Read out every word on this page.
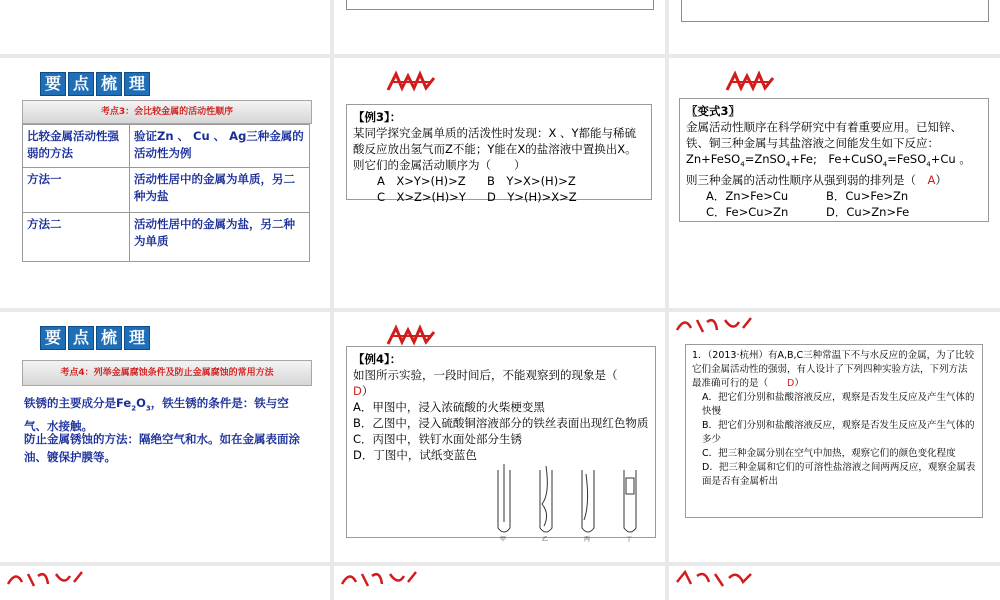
要 点 梳 理
考点3：会比较金属的活动性顺序
比较金属活动性强弱的方法	验证Zn 、 Cu 、 Ag三种金属的活动性为例
方法一	活动性居中的金属为单质，另二种为盐
方法二	活动性居中的金属为盐，另二种为单质
【例3】：
某同学探究金属单质的活泼性时发现：X 、Y都能与稀硫酸反应放出氢气而Z不能；Y能在X的盐溶液中置换出X。则它们的金属活动顺序为（　　）
A　X>Y>(H)>Z	B　Y>X>(H)>Z
C　X>Z>(H)>Y	D　Y>(H)>X>Z
〖变式3〗
金属活动性顺序在科学研究中有着重要应用。已知锌、铁、铜三种金属与其盐溶液之间能发生如下反应：
Zn+FeSO$_4$=ZnSO$_4$+Fe;　Fe+CuSO$_4$=FeSO$_4$+Cu 。则三种金属的活动性顺序从强到弱的排列是（　A）
A．Zn>Fe>Cu	B．Cu>Fe>Zn
C．Fe>Cu>Zn	D．Cu>Zn>Fe
要 点 梳 理
考点4：列举金属腐蚀条件及防止金属腐蚀的常用方法
铁锈的主要成分是$Fe_2O_3$，铁生锈的条件是：铁与空气、水接触。
防止金属锈蚀的方法：隔绝空气和水。如在金属表面涂油、镀保护膜等。
【例4】：
如图所示实验，一段时间后，不能观察到的现象是（　D）
A．甲图中，浸入浓硫酸的火柴梗变黑
B．乙图中，浸入硫酸铜溶液部分的铁丝表面出现红色物质
C．丙图中，铁钉水面处部分生锈
D．丁图中，试纸变蓝色
甲	乙	丙	丁
1．（2013·杭州）有A,B,C三种常温下不与水反应的金属，为了比较它们金属活动性的强弱，有人设计了下列四种实验方法，下列方法最准确可行的是（　　D）
A．把它们分别和盐酸溶液反应，观察是否发生反应及产生气体的快慢
B．把它们分别和盐酸溶液反应，观察是否发生反应及产生气体的多少
C．把三种金属分别在空气中加热，观察它们的颜色变化程度
D．把三种金属和它们的可溶性盐溶液之间两两反应，观察金属表面是否有金属析出
